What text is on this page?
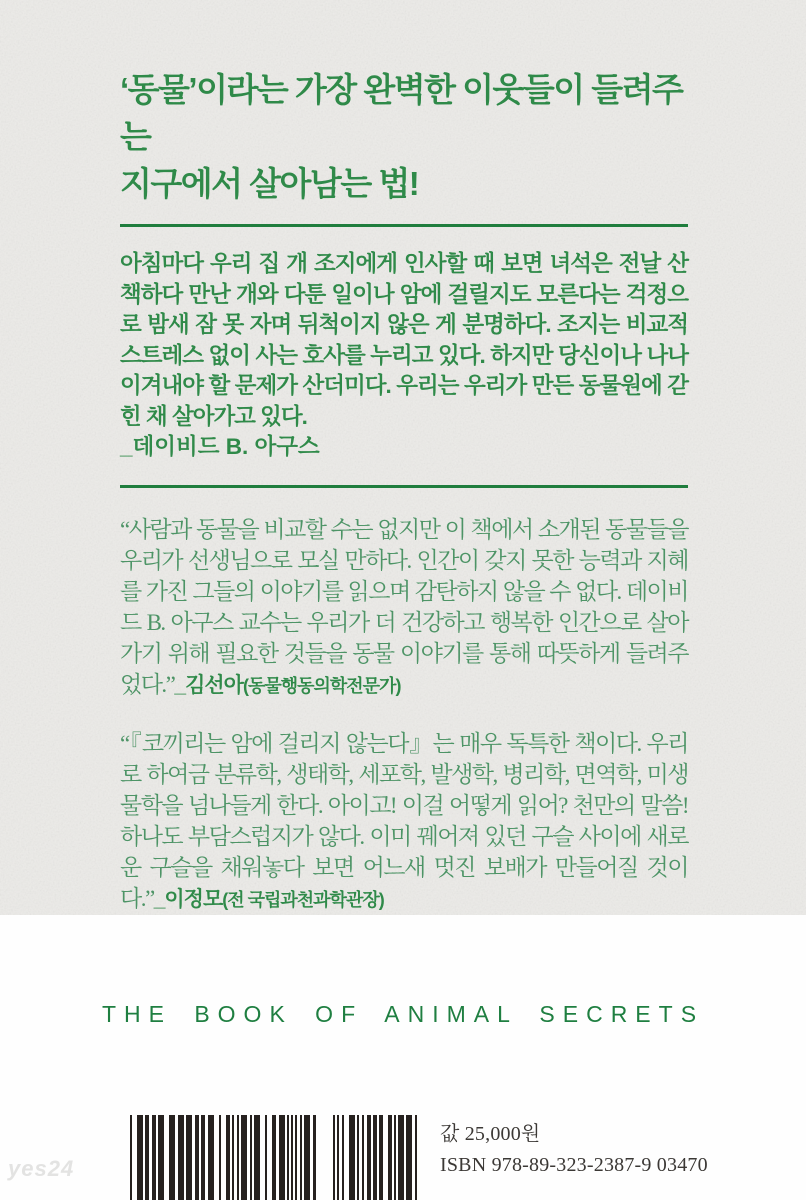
‘동물’이라는 가장 완벽한 이웃들이 들려주는
지구에서 살아남는 법!

아침마다 우리 집 개 조지에게 인사할 때 보면 녀석은 전날 산책하다 만난 개와 다툰 일이나 암에 걸릴지도 모른다는 걱정으로 밤새 잠 못 자며 뒤척이지 않은 게 분명하다. 조지는 비교적 스트레스 없이 사는 호사를 누리고 있다. 하지만 당신이나 나나 이겨내야 할 문제가 산더미다. 우리는 우리가 만든 동물원에 갇힌 채 살아가고 있다.
_데이비드 B. 아구스

“사람과 동물을 비교할 수는 없지만 이 책에서 소개된 동물들을 우리가 선생님으로 모실 만하다. 인간이 갖지 못한 능력과 지혜를 가진 그들의 이야기를 읽으며 감탄하지 않을 수 없다. 데이비드 B. 아구스 교수는 우리가 더 건강하고 행복한 인간으로 살아가기 위해 필요한 것들을 동물 이야기를 통해 따뜻하게 들려주었다.”_김선아(동물행동의학전문가)

“『코끼리는 암에 걸리지 않는다』는 매우 독특한 책이다. 우리로 하여금 분류학, 생태학, 세포학, 발생학, 병리학, 면역학, 미생물학을 넘나들게 한다. 아이고! 이걸 어떻게 읽어? 천만의 말씀! 하나도 부담스럽지가 않다. 이미 꿰어져 있던 구슬 사이에 새로운 구슬을 채워놓다 보면 어느새 멋진 보배가 만들어질 것이다.”_이정모(전 국립과천과학관장)

THE BOOK OF ANIMAL SECRETS
값 25,000원
ISBN 978-89-323-2387-9 03470
yes24
